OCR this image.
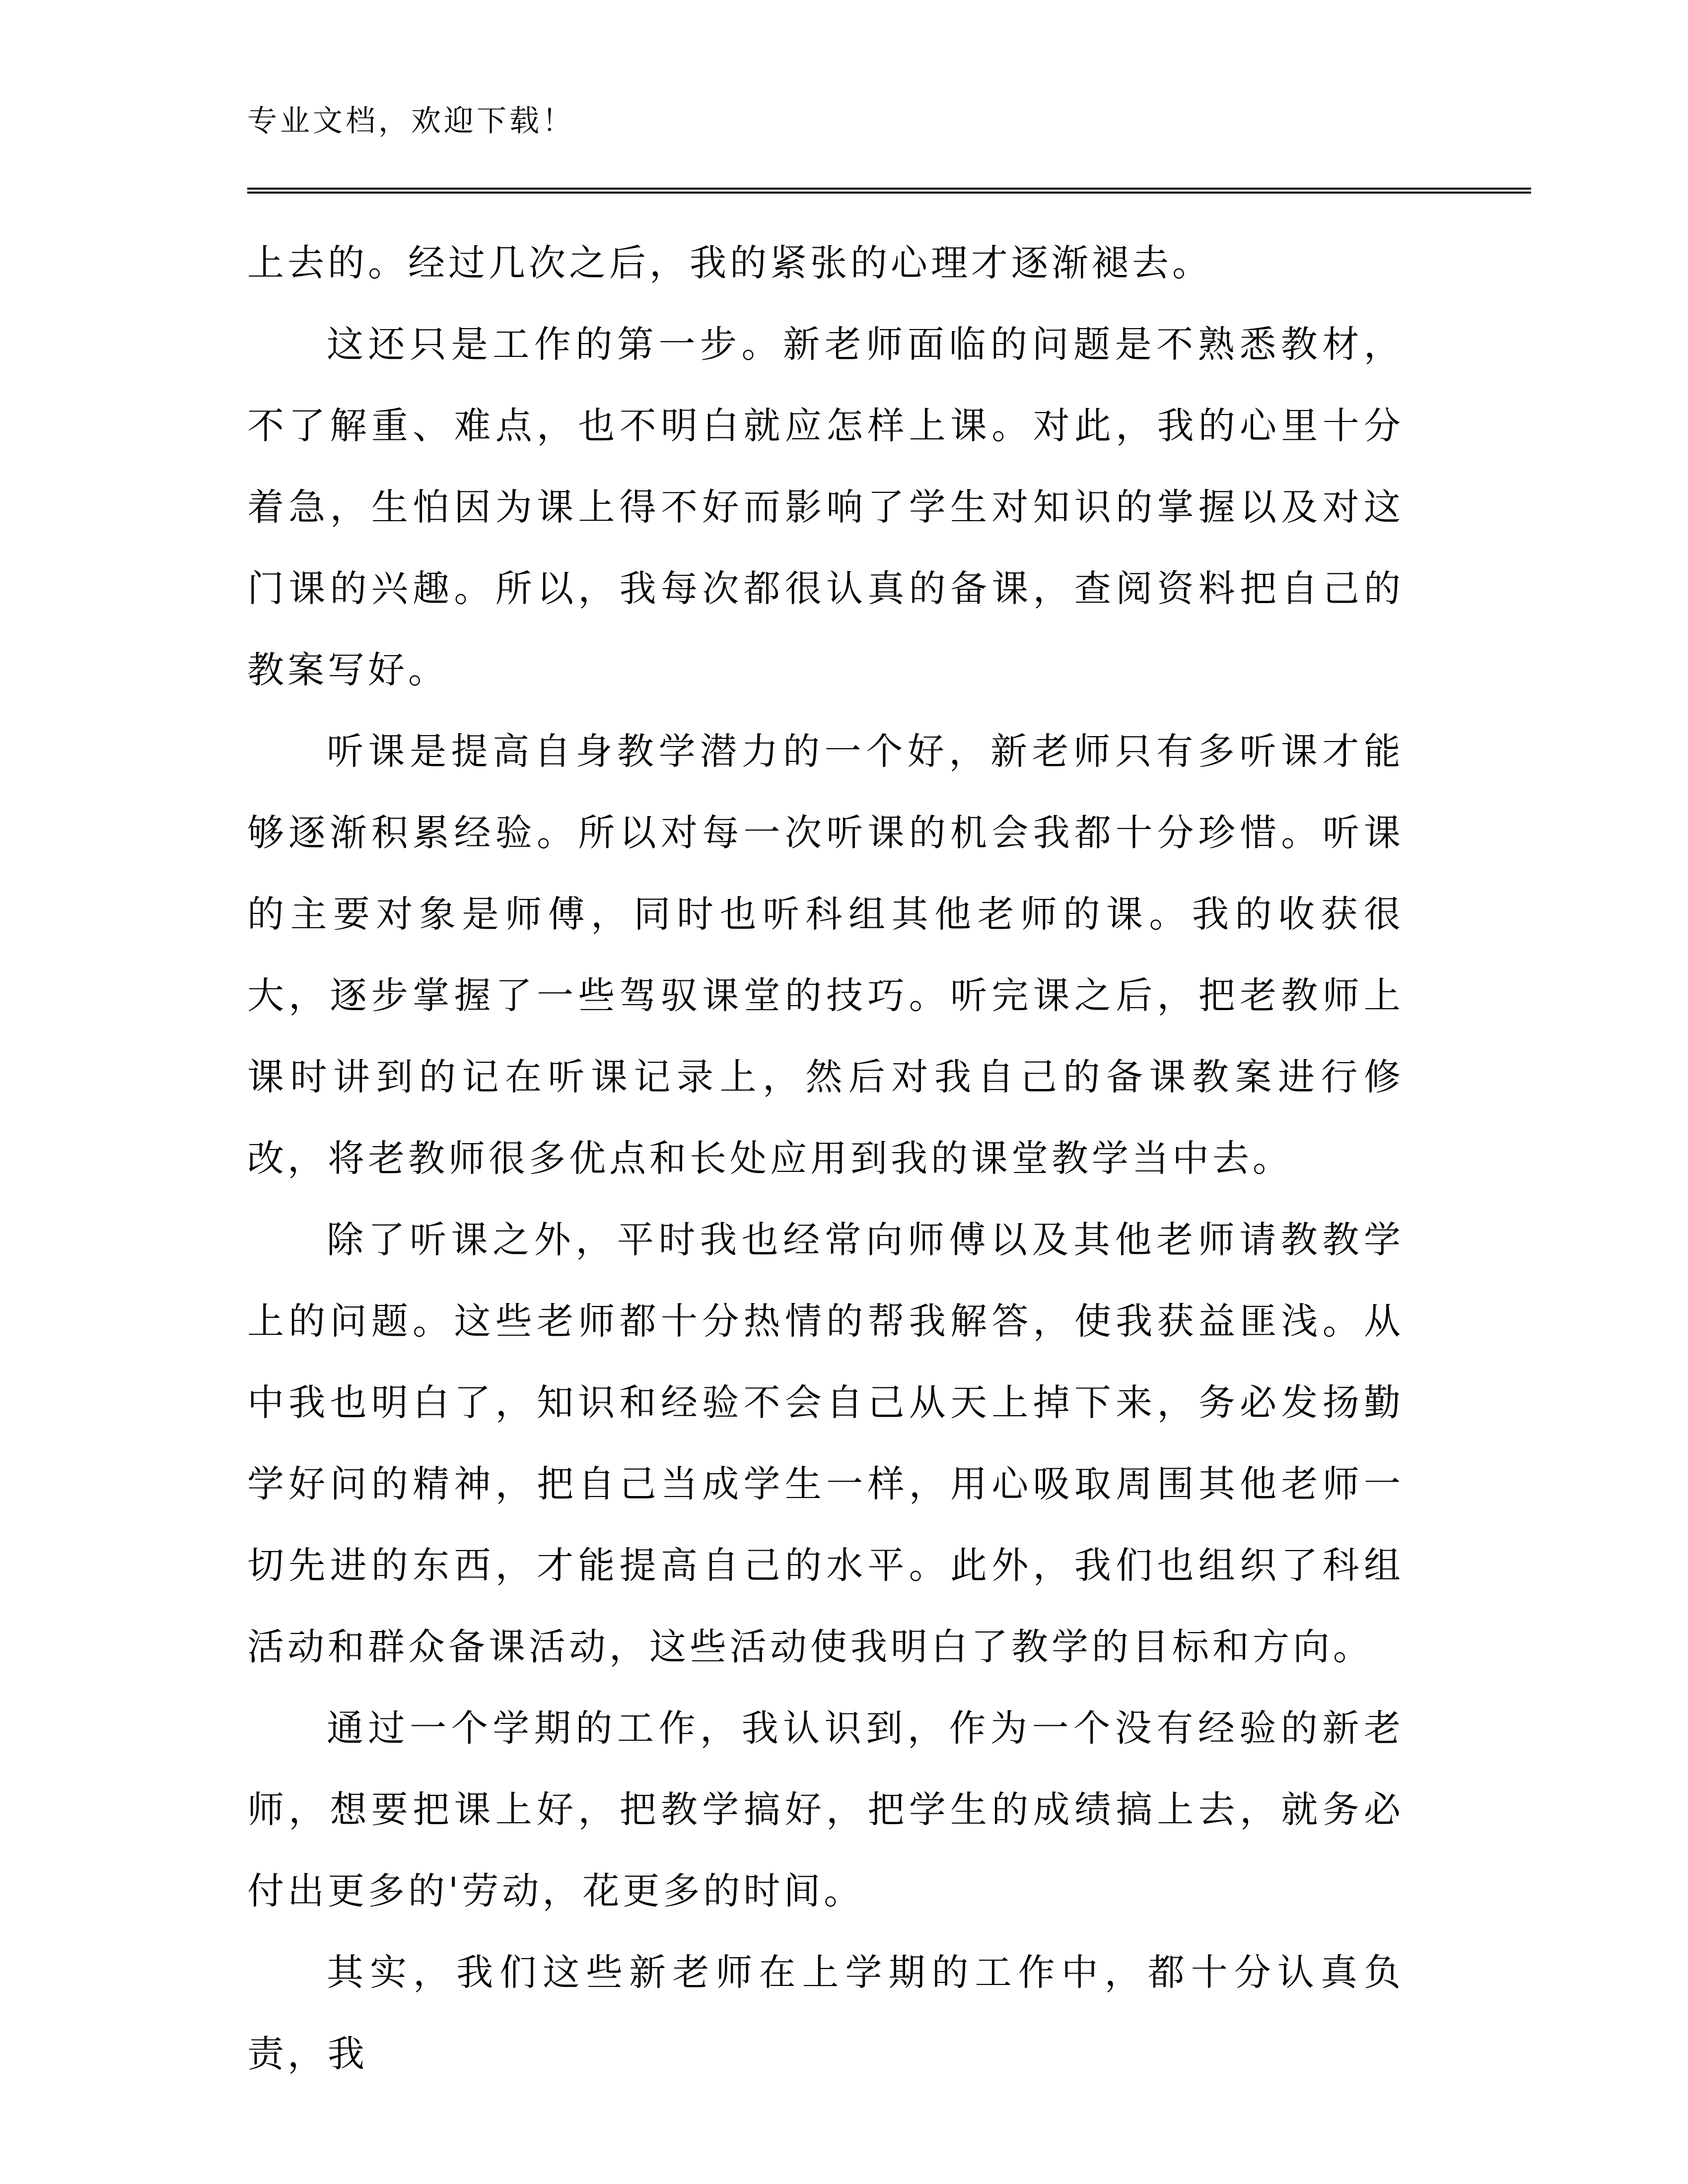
专业文档，欢迎下载！

上去的。经过几次之后，我的紧张的心理才逐渐褪去。

这还只是工作的第一步。新老师面临的问题是不熟悉教材，不了解重、难点，也不明白就应怎样上课。对此，我的心里十分着急，生怕因为课上得不好而影响了学生对知识的掌握以及对这门课的兴趣。所以，我每次都很认真的备课，查阅资料把自己的教案写好。

听课是提高自身教学潜力的一个好，新老师只有多听课才能够逐渐积累经验。所以对每一次听课的机会我都十分珍惜。听课的主要对象是师傅，同时也听科组其他老师的课。我的收获很大，逐步掌握了一些驾驭课堂的技巧。听完课之后，把老教师上课时讲到的记在听课记录上，然后对我自己的备课教案进行修改，将老教师很多优点和长处应用到我的课堂教学当中去。

除了听课之外，平时我也经常向师傅以及其他老师请教教学上的问题。这些老师都十分热情的帮我解答，使我获益匪浅。从中我也明白了，知识和经验不会自己从天上掉下来，务必发扬勤学好问的精神，把自己当成学生一样，用心吸取周围其他老师一切先进的东西，才能提高自己的水平。此外，我们也组织了科组活动和群众备课活动，这些活动使我明白了教学的目标和方向。

通过一个学期的工作，我认识到，作为一个没有经验的新老师，想要把课上好，把教学搞好，把学生的成绩搞上去，就务必付出更多的'劳动，花更多的时间。

其实，我们这些新老师在上学期的工作中，都十分认真负责，我
